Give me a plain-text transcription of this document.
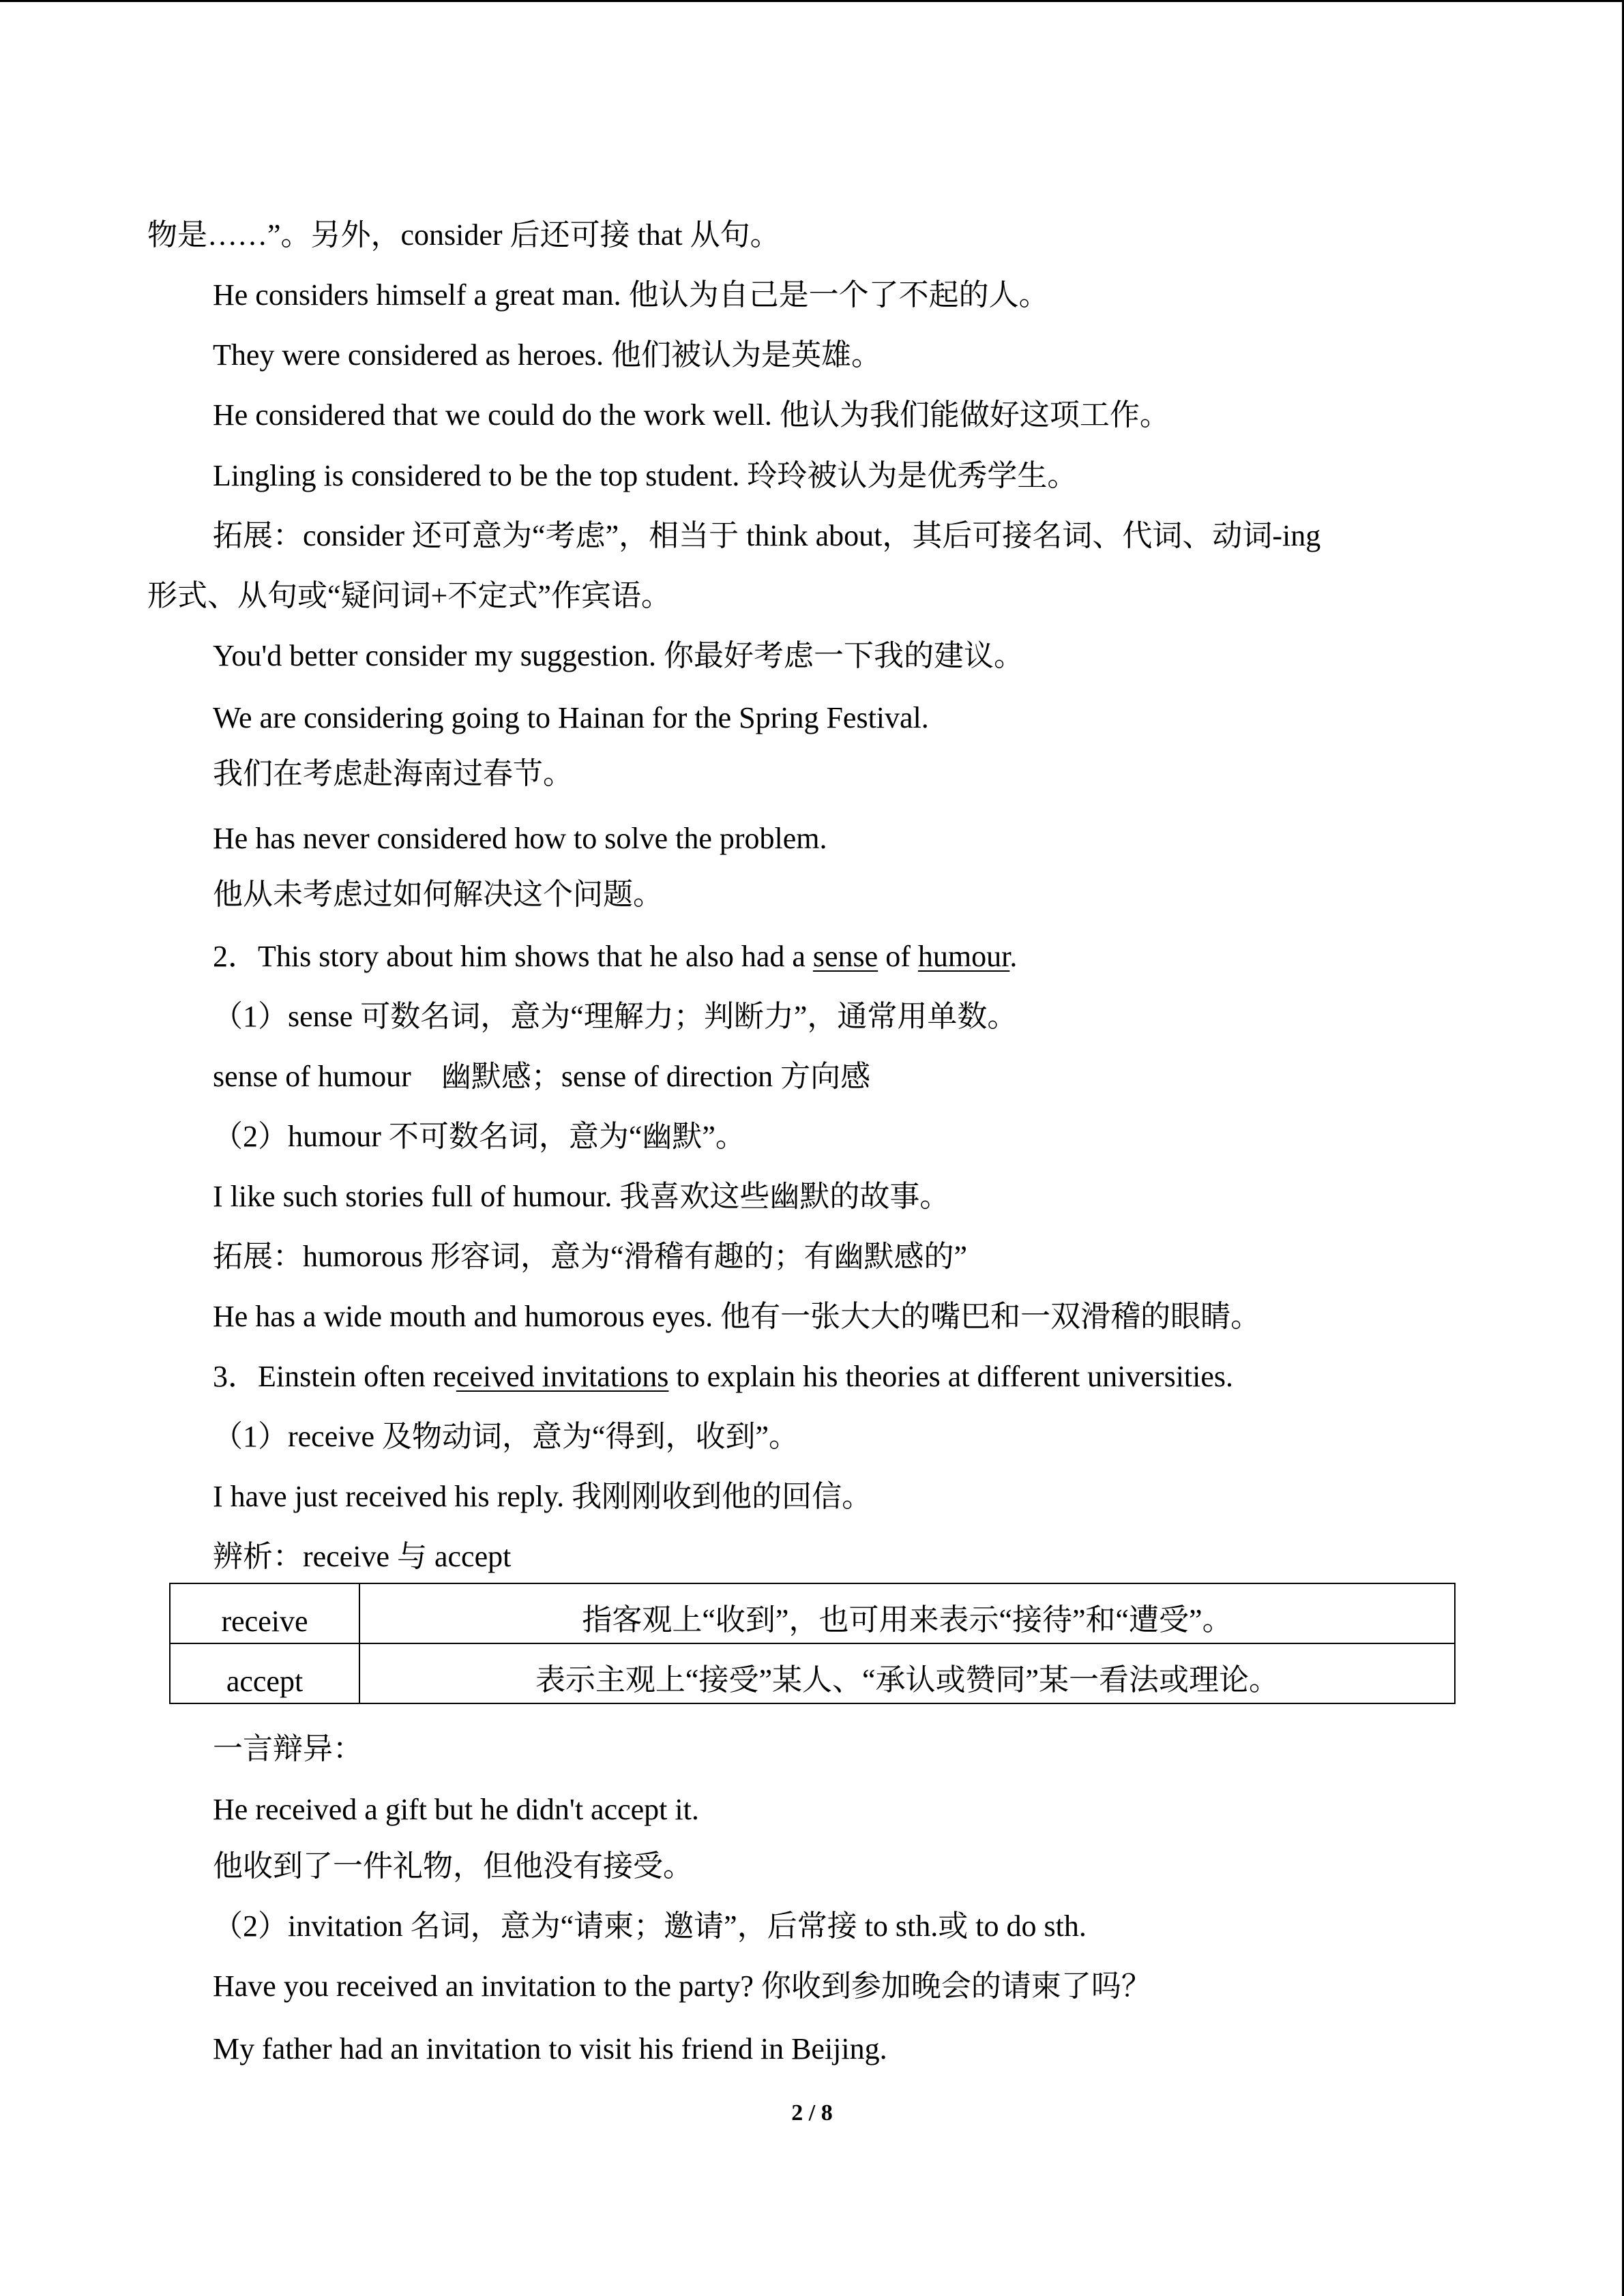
物是……”。另外，consider 后还可接 that 从句。
He considers himself a great man. 他认为自己是一个了不起的人。
They were considered as heroes. 他们被认为是英雄。
He considered that we could do the work well. 他认为我们能做好这项工作。
Lingling is considered to be the top student. 玲玲被认为是优秀学生。
拓展：consider 还可意为“考虑”，相当于 think about，其后可接名词、代词、动词-ing
形式、从句或“疑问词+不定式”作宾语。
You'd better consider my suggestion. 你最好考虑一下我的建议。
We are considering going to Hainan for the Spring Festival.
我们在考虑赴海南过春节。
He has never considered how to solve the problem.
他从未考虑过如何解决这个问题。
2．This story about him shows that he also had a sense of humour.
（1）sense 可数名词，意为“理解力；判断力”，通常用单数。
sense of humour　幽默感；sense of direction 方向感
（2）humour 不可数名词，意为“幽默”。
I like such stories full of humour. 我喜欢这些幽默的故事。
拓展：humorous 形容词，意为“滑稽有趣的；有幽默感的”
He has a wide mouth and humorous eyes. 他有一张大大的嘴巴和一双滑稽的眼睛。
3．Einstein often received invitations to explain his theories at different universities.
（1）receive 及物动词，意为“得到，收到”。
I have just received his reply. 我刚刚收到他的回信。
辨析：receive 与 accept
receive	指客观上“收到”，也可用来表示“接待”和“遭受”。
accept	表示主观上“接受”某人、“承认或赞同”某一看法或理论。
一言辩异：
He received a gift but he didn't accept it.
他收到了一件礼物，但他没有接受。
（2）invitation 名词，意为“请柬；邀请”，后常接 to sth.或 to do sth.
Have you received an invitation to the party? 你收到参加晚会的请柬了吗？
My father had an invitation to visit his friend in Beijing.
2 / 8
